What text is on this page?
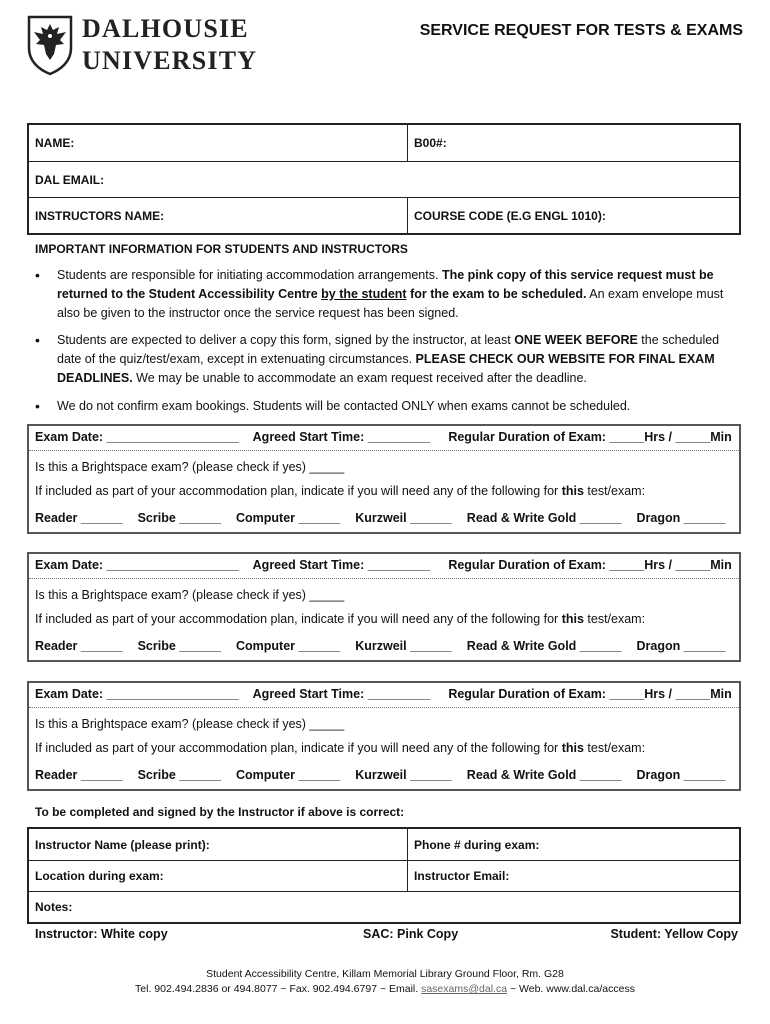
DALHOUSIE
UNIVERSITY
SERVICE REQUEST FOR TESTS & EXAMS
NAME:	B00#:
DAL EMAIL:
INSTRUCTORS NAME:	COURSE CODE (E.G ENGL 1010):
IMPORTANT INFORMATION FOR STUDENTS AND INSTRUCTORS
• Students are responsible for initiating accommodation arrangements. The pink copy of this service request must be returned to the Student Accessibility Centre by the student for the exam to be scheduled. An exam envelope must also be given to the instructor once the service request has been signed.
• Students are expected to deliver a copy this form, signed by the instructor, at least ONE WEEK BEFORE the scheduled date of the quiz/test/exam, except in extenuating circumstances. PLEASE CHECK OUR WEBSITE FOR FINAL EXAM DEADLINES. We may be unable to accommodate an exam request received after the deadline.
• We do not confirm exam bookings. Students will be contacted ONLY when exams cannot be scheduled.
Exam Date: ___________________ Agreed Start Time: _________ Regular Duration of Exam: _____Hrs / _____Min
Is this a Brightspace exam? (please check if yes) _____
If included as part of your accommodation plan, indicate if you will need any of the following for this test/exam:
Reader ______ Scribe ______ Computer ______ Kurzweil ______ Read & Write Gold ______ Dragon ______
Exam Date: ___________________ Agreed Start Time: _________ Regular Duration of Exam: _____Hrs / _____Min
Is this a Brightspace exam? (please check if yes) _____
If included as part of your accommodation plan, indicate if you will need any of the following for this test/exam:
Reader ______ Scribe ______ Computer ______ Kurzweil ______ Read & Write Gold ______ Dragon ______
Exam Date: ___________________ Agreed Start Time: _________ Regular Duration of Exam: _____Hrs / _____Min
Is this a Brightspace exam? (please check if yes) _____
If included as part of your accommodation plan, indicate if you will need any of the following for this test/exam:
Reader ______ Scribe ______ Computer ______ Kurzweil ______ Read & Write Gold ______ Dragon ______
To be completed and signed by the Instructor if above is correct:
Instructor Name (please print):	Phone # during exam:
Location during exam:	Instructor Email:
Notes:
Instructor: White copy	SAC: Pink Copy	Student: Yellow Copy
Student Accessibility Centre, Killam Memorial Library Ground Floor, Rm. G28
Tel. 902.494.2836 or 494.8077 ~ Fax. 902.494.6797 ~ Email. sasexams@dal.ca ~ Web. www.dal.ca/access
